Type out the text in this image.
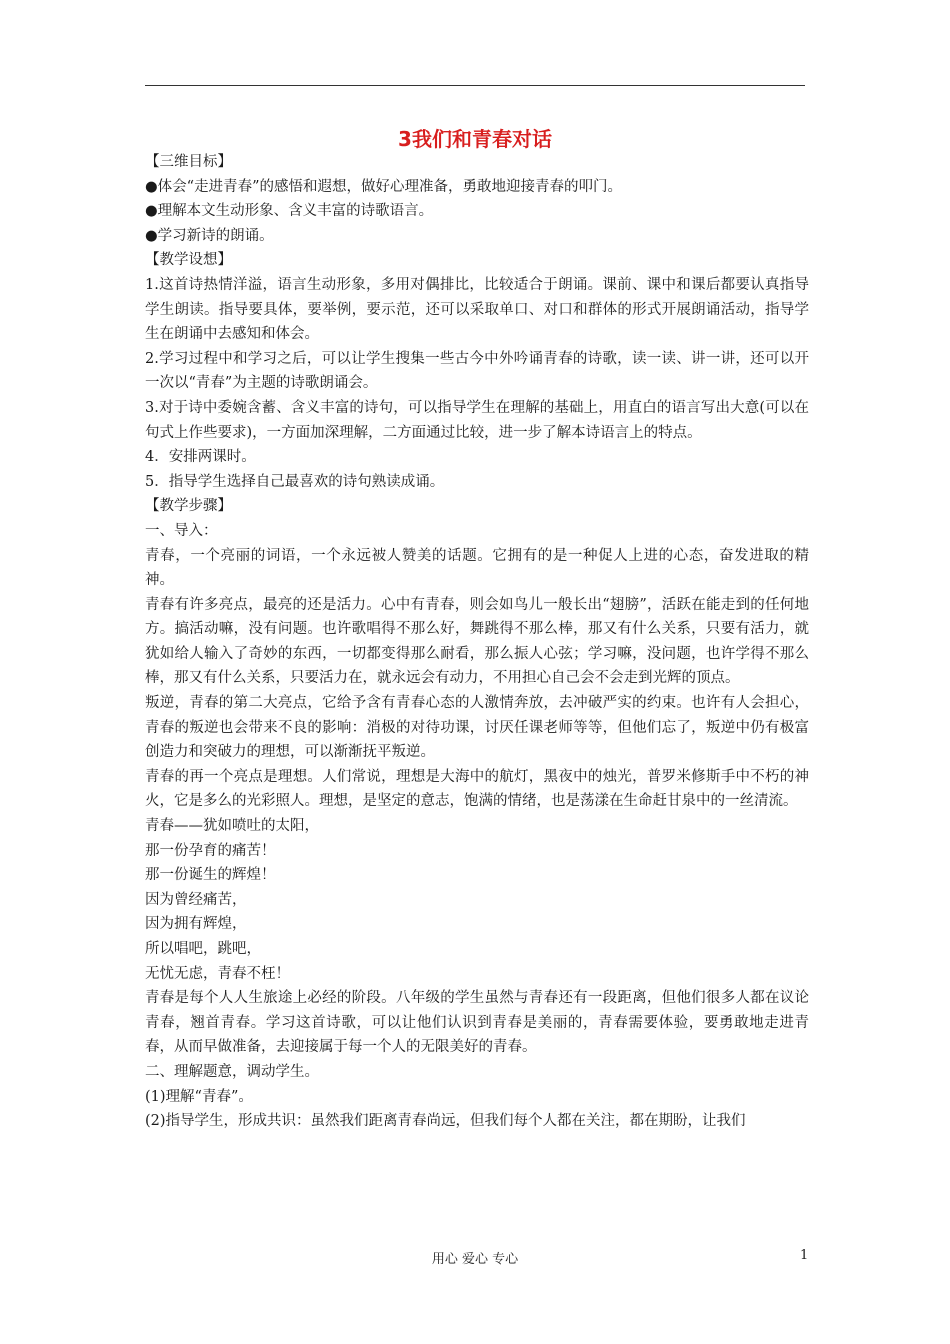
3我们和青春对话

【三维目标】

●体会“走进青春”的感悟和遐想，做好心理准备，勇敢地迎接青春的叩门。

●理解本文生动形象、含义丰富的诗歌语言。

●学习新诗的朗诵。

【教学设想】

1.这首诗热情洋溢，语言生动形象，多用对偶排比，比较适合于朗诵。课前、课中和课后都要认真指导学生朗读。指导要具体，要举例，要示范，还可以采取单口、对口和群体的形式开展朗诵活动，指导学生在朗诵中去感知和体会。

2.学习过程中和学习之后，可以让学生搜集一些古今中外吟诵青春的诗歌，读一读、讲一讲，还可以开一次以“青春”为主题的诗歌朗诵会。

3.对于诗中委婉含蓄、含义丰富的诗句，可以指导学生在理解的基础上，用直白的语言写出大意(可以在句式上作些要求)，一方面加深理解，二方面通过比较，进一步了解本诗语言上的特点。

4．安排两课时。

5．指导学生选择自己最喜欢的诗句熟读成诵。

【教学步骤】

一、导入：

青春，一个亮丽的词语，一个永远被人赞美的话题。它拥有的是一种促人上进的心态，奋发进取的精神。

青春有许多亮点，最亮的还是活力。心中有青春，则会如鸟儿一般长出“翅膀”，活跃在能走到的任何地方。搞活动嘛，没有问题。也许歌唱得不那么好，舞跳得不那么棒，那又有什么关系，只要有活力，就犹如给人输入了奇妙的东西，一切都变得那么耐看，那么振人心弦；学习嘛，没问题，也许学得不那么棒，那又有什么关系，只要活力在，就永远会有动力，不用担心自己会不会走到光辉的顶点。

叛逆，青春的第二大亮点，它给予含有青春心态的人激情奔放，去冲破严实的约束。也许有人会担心，青春的叛逆也会带来不良的影响：消极的对待功课，讨厌任课老师等等，但他们忘了，叛逆中仍有极富创造力和突破力的理想，可以渐渐抚平叛逆。

青春的再一个亮点是理想。人们常说，理想是大海中的航灯，黑夜中的烛光，普罗米修斯手中不朽的神火，它是多么的光彩照人。理想，是坚定的意志，饱满的情绪，也是荡漾在生命赶甘泉中的一丝清流。

青春——犹如喷吐的太阳，

那一份孕育的痛苦！

那一份诞生的辉煌！

因为曾经痛苦，

因为拥有辉煌，

所以唱吧，跳吧，

无忧无虑，青春不枉！

青春是每个人人生旅途上必经的阶段。八年级的学生虽然与青春还有一段距离，但他们很多人都在议论青春，翘首青春。学习这首诗歌，可以让他们认识到青春是美丽的，青春需要体验，要勇敢地走进青春，从而早做准备，去迎接属于每一个人的无限美好的青春。

二、理解题意，调动学生。

(1)理解“青春”。

(2)指导学生，形成共识：虽然我们距离青春尚远，但我们每个人都在关注，都在期盼，让我们

用心 爱心 专心	1
